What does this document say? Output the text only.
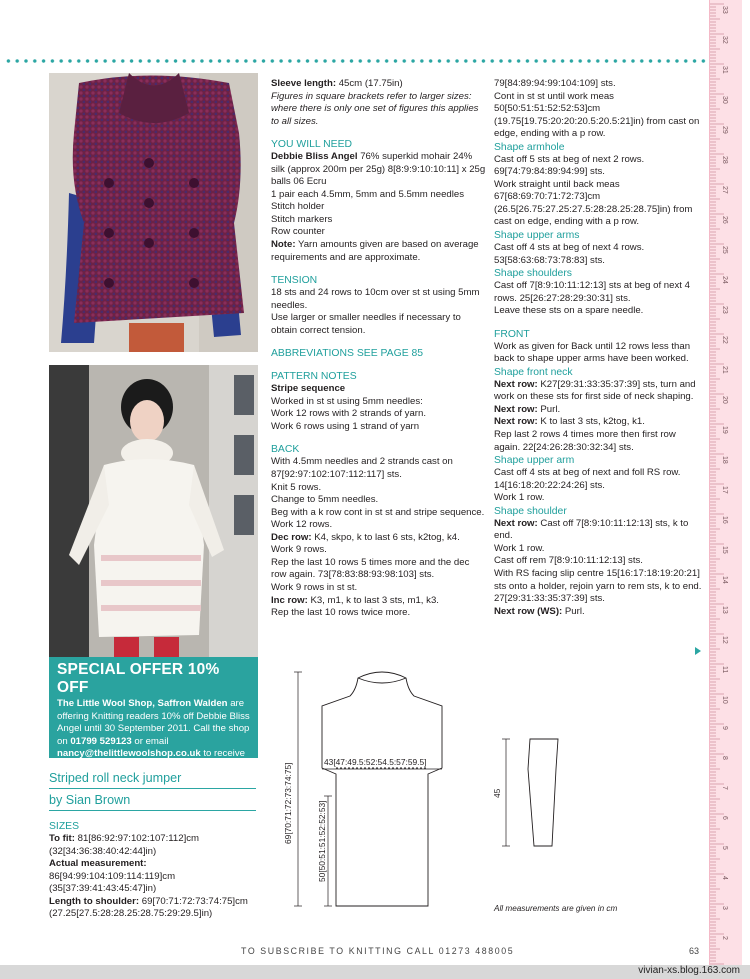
33
32
31
30
29
28
27
26
25
24
23
22
21
20
19
18
17
16
15
14
13
12
11
10
9
8
7
6
5
4
3
2
SPECIAL OFFER 10% OFF
The Little Wool Shop, Saffron Walden are offering Knitting readers 10% off Debbie Bliss Angel until 30 September 2011. Call the shop on 01799 529123 or email nancy@thelittlewoolshop.co.uk to receive your discount.
Striped roll neck jumper
by Sian Brown

SIZES

To fit: 81[86:92:97:102:107:112]cm (32[34:36:38:40:42:44]in)

Actual measurement:

86[94:99:104:109:114:119]cm (35[37:39:41:43:45:47]in)

Length to shoulder: 69[70:71:72:73:74:75]cm (27.25[27.5:28:28.25:28.75:29:29.5]in)

Sleeve length: 45cm (17.75in)

Figures in square brackets refer to larger sizes: where there is only one set of figures this applies to all sizes.

YOU WILL NEED

Debbie Bliss Angel 76% superkid mohair 24% silk (approx 200m per 25g) 8[8:9:9:10:10:11] x 25g balls 06 Ecru

1 pair each 4.5mm, 5mm and 5.5mm needles

Stitch holder

Stitch markers

Row counter

Note: Yarn amounts given are based on average requirements and are approximate.

TENSION

18 sts and 24 rows to 10cm over st st using 5mm needles.

Use larger or smaller needles if necessary to obtain correct tension.

ABBREVIATIONS SEE PAGE 85

PATTERN NOTES

Stripe sequence

Worked in st st using 5mm needles:

Work 12 rows with 2 strands of yarn.

Work 6 rows using 1 strand of yarn

BACK

With 4.5mm needles and 2 strands cast on 87[92:97:102:107:112:117] sts.

Knit 5 rows.

Change to 5mm needles.

Beg with a k row cont in st st and stripe sequence.

Work 12 rows.

Dec row: K4, skpo, k to last 6 sts, k2tog, k4.

Work 9 rows.

Rep the last 10 rows 5 times more and the dec row again. 73[78:83:88:93:98:103] sts.

Work 9 rows in st st.

Inc row: K3, m1, k to last 3 sts, m1, k3.

Rep the last 10 rows twice more.

79[84:89:94:99:104:109] sts.

Cont in st st until work meas 50[50:51:51:52:52:53]cm (19.75[19.75:20:20:20.5:20.5:21]in) from cast on edge, ending with a p row.

Shape armhole

Cast off 5 sts at beg of next 2 rows. 69[74:79:84:89:94:99] sts.

Work straight until back meas 67[68:69:70:71:72:73]cm (26.5[26.75:27.25:27.5:28:28.25:28.75]in) from cast on edge, ending with a p row.

Shape upper arms

Cast off 4 sts at beg of next 4 rows. 53[58:63:68:73:78:83] sts.

Shape shoulders

Cast off 7[8:9:10:11:12:13] sts at beg of next 4 rows. 25[26:27:28:29:30:31] sts.

Leave these sts on a spare needle.

FRONT

Work as given for Back until 12 rows less than back to shape upper arms have been worked.

Shape front neck

Next row: K27[29:31:33:35:37:39] sts, turn and work on these sts for first side of neck shaping.

Next row: Purl.

Next row: K to last 3 sts, k2tog, k1.

Rep last 2 rows 4 times more then first row again. 22[24:26:28:30:32:34] sts.

Shape upper arm

Cast off 4 sts at beg of next and foll RS row. 14[16:18:20:22:24:26] sts.

Work 1 row.

Shape shoulder

Next row: Cast off 7[8:9:10:11:12:13] sts, k to end.

Work 1 row.

Cast off rem 7[8:9:10:11:12:13] sts.

With RS facing slip centre 15[16:17:18:19:20:21] sts onto a holder, rejoin yarn to rem sts, k to end. 27[29:31:33:35:37:39] sts.

Next row (WS): Purl.

43[47:49.5:52:54.5:57:59.5]
69[70:71:72:73:74:75]	50[50:51:51:52:52:53]
45
All measurements are given in cm
TO SUBSCRIBE TO KNITTING CALL 01273 488005	63
vivian-xs.blog.163.com
